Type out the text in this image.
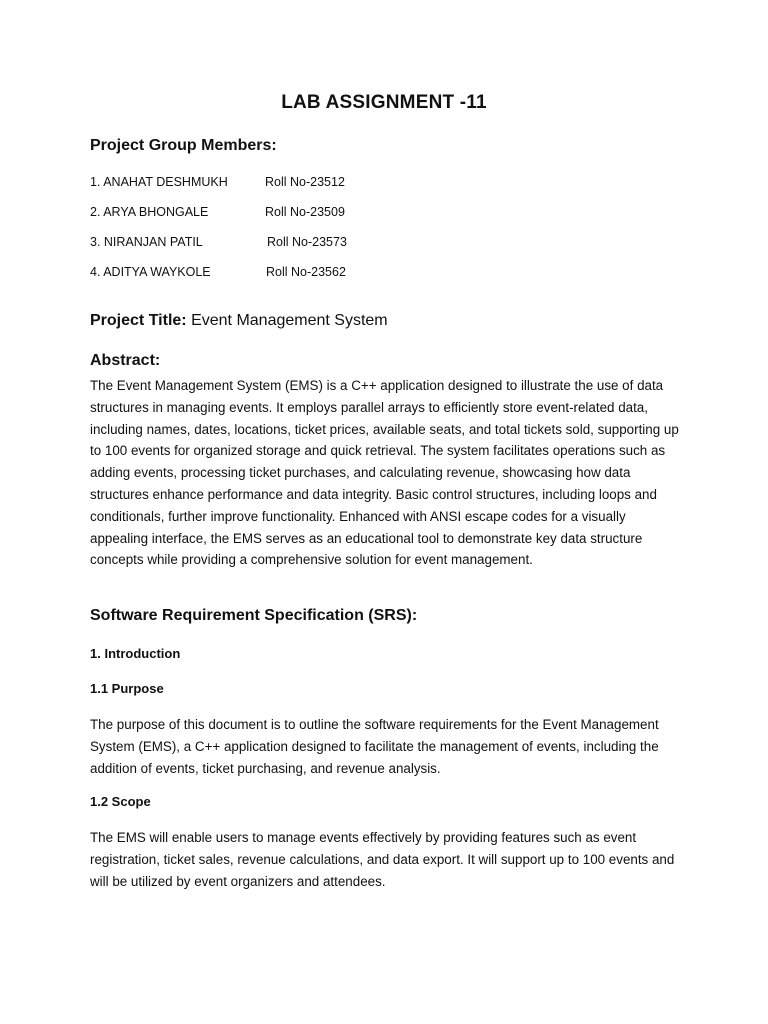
LAB ASSIGNMENT -11
Project Group Members:
1. ANAHAT DESHMUKH	Roll No-23512
2. ARYA BHONGALE	Roll No-23509
3. NIRANJAN PATIL	Roll No-23573
4. ADITYA WAYKOLE	Roll No-23562
Project Title: Event Management System
Abstract:
The Event Management System (EMS) is a C++ application designed to illustrate the use of data structures in managing events. It employs parallel arrays to efficiently store event-related data, including names, dates, locations, ticket prices, available seats, and total tickets sold, supporting up to 100 events for organized storage and quick retrieval. The system facilitates operations such as adding events, processing ticket purchases, and calculating revenue, showcasing how data structures enhance performance and data integrity. Basic control structures, including loops and conditionals, further improve functionality. Enhanced with ANSI escape codes for a visually appealing interface, the EMS serves as an educational tool to demonstrate key data structure concepts while providing a comprehensive solution for event management.
Software Requirement Specification (SRS):
1. Introduction
1.1 Purpose
The purpose of this document is to outline the software requirements for the Event Management System (EMS), a C++ application designed to facilitate the management of events, including the addition of events, ticket purchasing, and revenue analysis.
1.2 Scope
The EMS will enable users to manage events effectively by providing features such as event registration, ticket sales, revenue calculations, and data export. It will support up to 100 events and will be utilized by event organizers and attendees.
